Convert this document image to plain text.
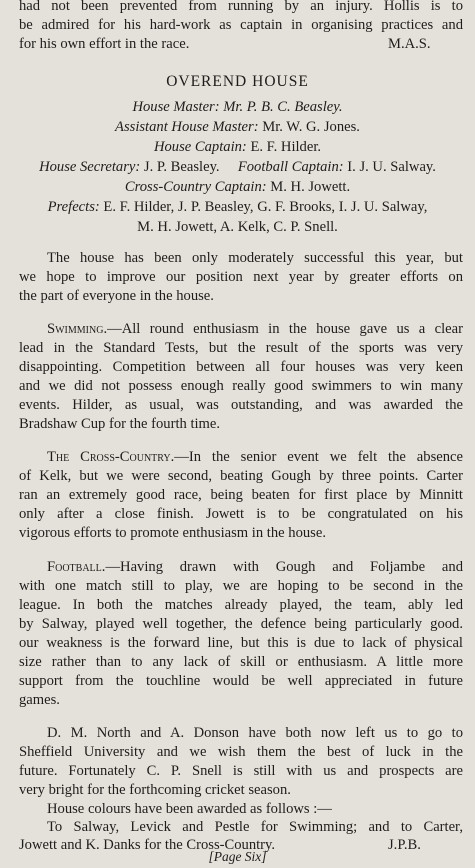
had not been prevented from running by an injury. Hollis is to

be admired for his hard-work as captain in organising practices and

for his own effort in the race.	M.A.S.

OVEREND HOUSE

House Master: Mr. P. B. C. Beasley.

Assistant House Master: Mr. W. G. Jones.

House Captain: E. F. Hilder.

House Secretary: J. P. Beasley. Football Captain: I. J. U. Salway.

Cross-Country Captain: M. H. Jowett.

Prefects: E. F. Hilder, J. P. Beasley, G. F. Brooks, I. J. U. Salway,

M. H. Jowett, A. Kelk, C. P. Snell.

The house has been only moderately successful this year, but

we hope to improve our position next year by greater efforts on

the part of everyone in the house.

Swimming.—All round enthusiasm in the house gave us a clear

lead in the Standard Tests, but the result of the sports was very

disappointing. Competition between all four houses was very keen

and we did not possess enough really good swimmers to win many

events. Hilder, as usual, was outstanding, and was awarded the

Bradshaw Cup for the fourth time.

The Cross-Country.—In the senior event we felt the absence

of Kelk, but we were second, beating Gough by three points. Carter

ran an extremely good race, being beaten for first place by Minnitt

only after a close finish. Jowett is to be congratulated on his

vigorous efforts to promote enthusiasm in the house.

Football.—Having drawn with Gough and Foljambe and

with one match still to play, we are hoping to be second in the

league. In both the matches already played, the team, ably led

by Salway, played well together, the defence being particularly good.

our weakness is the forward line, but this is due to lack of physical

size rather than to any lack of skill or enthusiasm. A little more

support from the touchline would be well appreciated in future

games.

D. M. North and A. Donson have both now left us to go to

Sheffield University and we wish them the best of luck in the

future. Fortunately C. P. Snell is still with us and prospects are

very bright for the forthcoming cricket season.

House colours have been awarded as follows :—

To Salway, Levick and Pestle for Swimming; and to Carter,

Jowett and K. Danks for the Cross-Country.	J.P.B.

[Page Six]
